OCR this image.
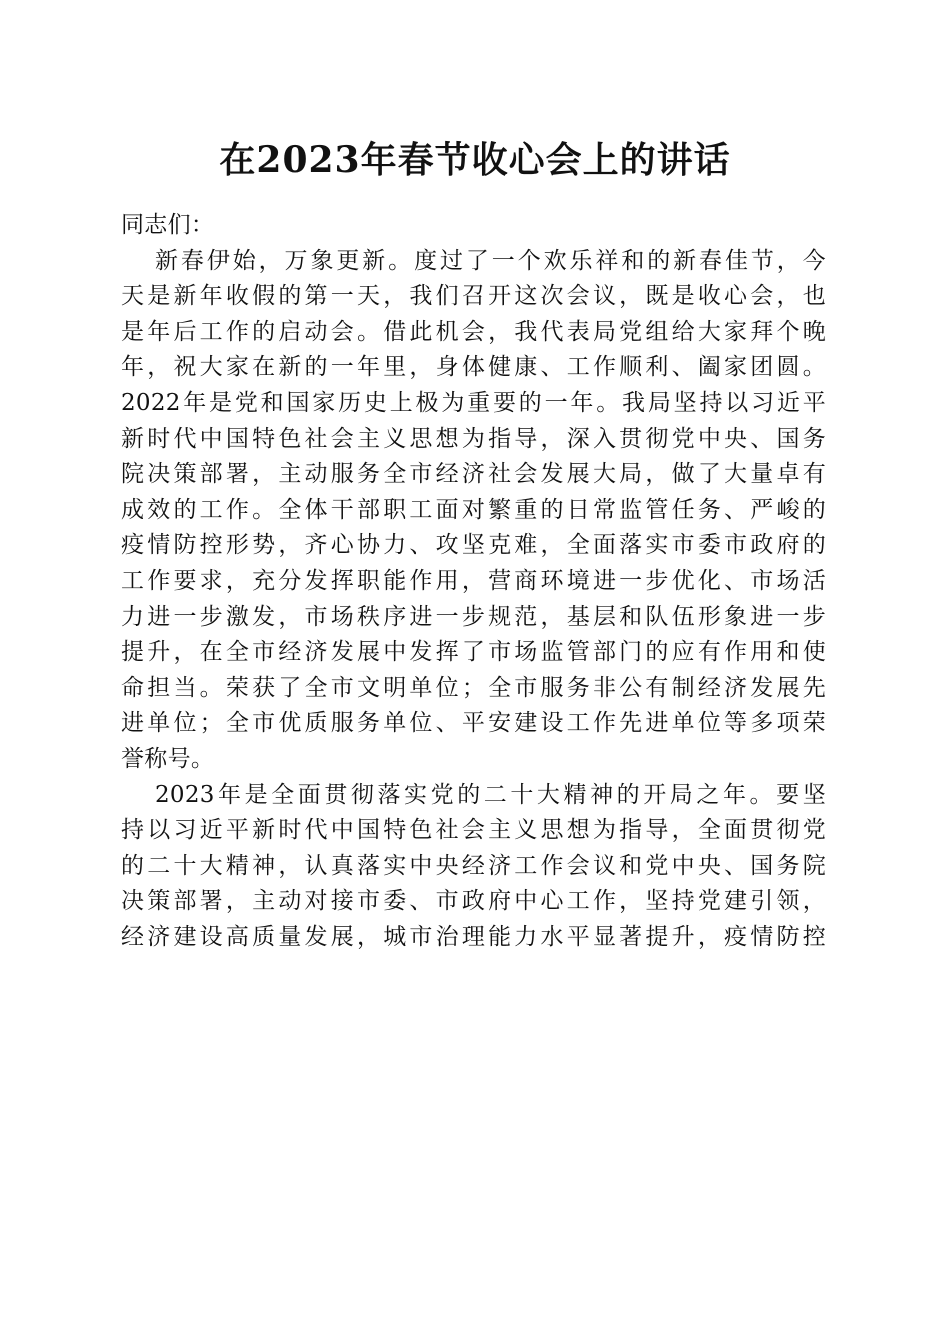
在2023年春节收心会上的讲话
同志们：
新春伊始，万象更新。度过了一个欢乐祥和的新春佳节，今
天是新年收假的第一天，我们召开这次会议，既是收心会，也
是年后工作的启动会。借此机会，我代表局党组给大家拜个晚
年，祝大家在新的一年里，身体健康、工作顺利、阖家团圆。
2022年是党和国家历史上极为重要的一年。我局坚持以习近平
新时代中国特色社会主义思想为指导，深入贯彻党中央、国务
院决策部署，主动服务全市经济社会发展大局，做了大量卓有
成效的工作。全体干部职工面对繁重的日常监管任务、严峻的
疫情防控形势，齐心协力、攻坚克难，全面落实市委市政府的
工作要求，充分发挥职能作用，营商环境进一步优化、市场活
力进一步激发，市场秩序进一步规范，基层和队伍形象进一步
提升，在全市经济发展中发挥了市场监管部门的应有作用和使
命担当。荣获了全市文明单位；全市服务非公有制经济发展先
进单位；全市优质服务单位、平安建设工作先进单位等多项荣
誉称号。
2023年是全面贯彻落实党的二十大精神的开局之年。要坚
持以习近平新时代中国特色社会主义思想为指导，全面贯彻党
的二十大精神，认真落实中央经济工作会议和党中央、国务院
决策部署，主动对接市委、市政府中心工作，坚持党建引领，
经济建设高质量发展，城市治理能力水平显著提升，疫情防控
